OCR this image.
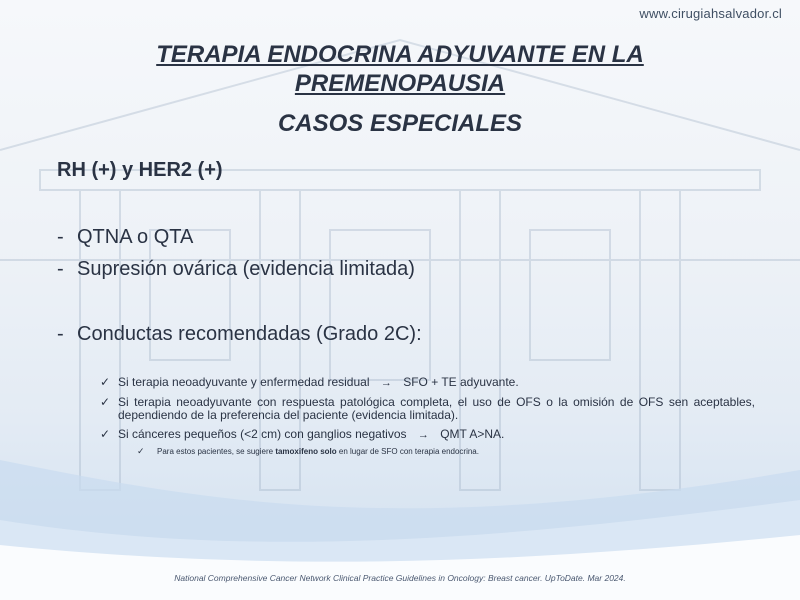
www.cirugiahsalvador.cl
TERAPIA ENDOCRINA ADYUVANTE EN LA
PREMENOPAUSIA
CASOS ESPECIALES
RH (+) y HER2 (+)
- QTNA o QTA
- Supresión ovárica (evidencia limitada)
- Conductas recomendadas (Grado 2C):
✓ Si terapia neoadyuvante y enfermedad residual → SFO + TE adyuvante.
✓ Si terapia neoadyuvante con respuesta patológica completa, el uso de OFS o la omisión de OFS sen aceptables, dependiendo de la preferencia del paciente (evidencia limitada).
✓ Si cánceres pequeños (<2 cm) con ganglios negativos → QMT A>NA.
✓ Para estos pacientes, se sugiere tamoxifeno solo en lugar de SFO con terapia endocrina.
National Comprehensive Cancer Network Clinical Practice Guidelines in Oncology: Breast cancer. UpToDate. Mar 2024.
